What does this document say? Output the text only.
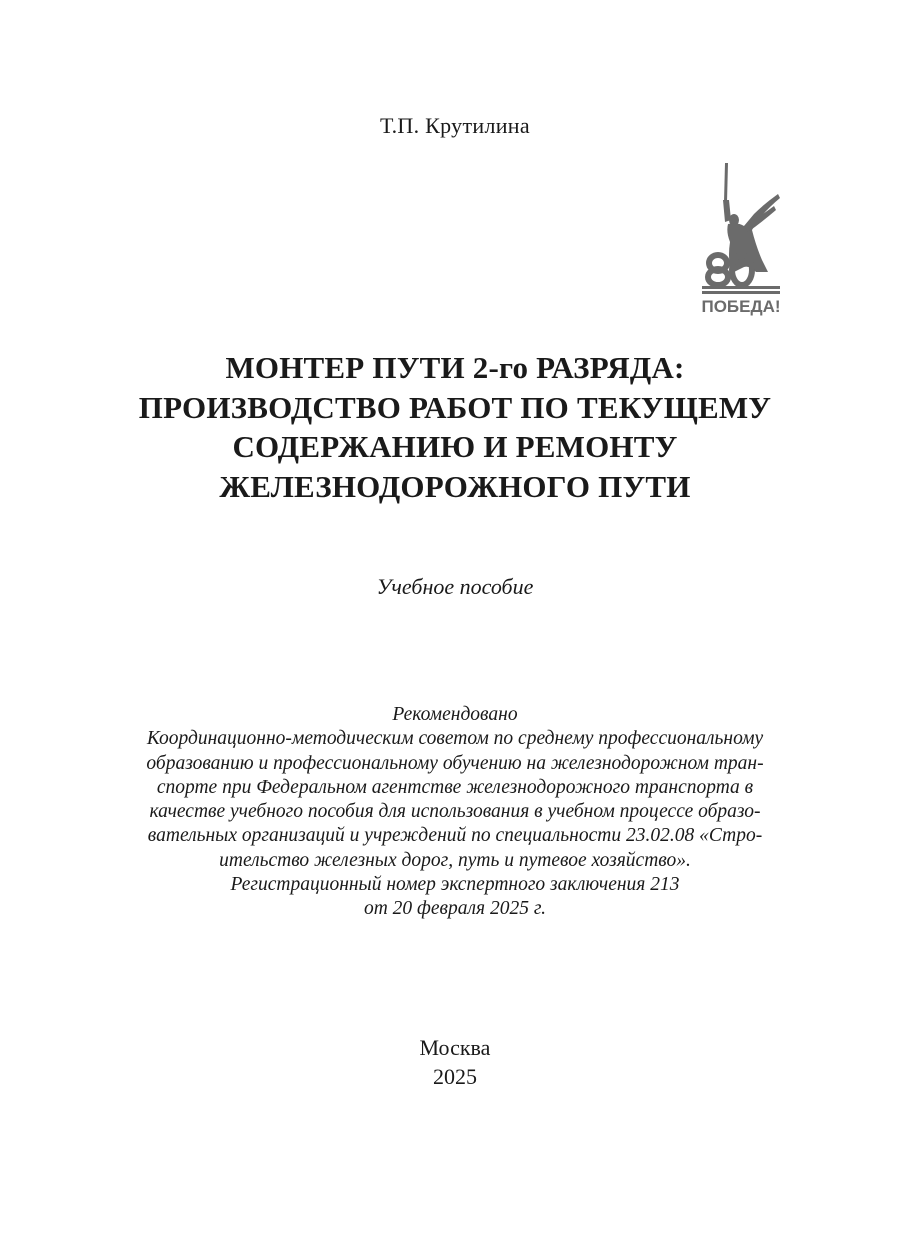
Т.П. Крутилина
ПОБЕДА!
МОНТЕР ПУТИ 2-го РАЗРЯДА:
ПРОИЗВОДСТВО РАБОТ ПО ТЕКУЩЕМУ
СОДЕРЖАНИЮ И РЕМОНТУ
ЖЕЛЕЗНОДОРОЖНОГО ПУТИ
Учебное пособие
Рекомендовано
Координационно-методическим советом по среднему профессиональному
образованию и профессиональному обучению на железнодорожном тран-
спорте при Федеральном агентстве железнодорожного транспорта в
качестве учебного пособия для использования в учебном процессе образо-
вательных организаций и учреждений по специальности 23.02.08 «Стро-
ительство железных дорог, путь и путевое хозяйство».
Регистрационный номер экспертного заключения 213
от 20 февраля 2025 г.
Москва
2025
